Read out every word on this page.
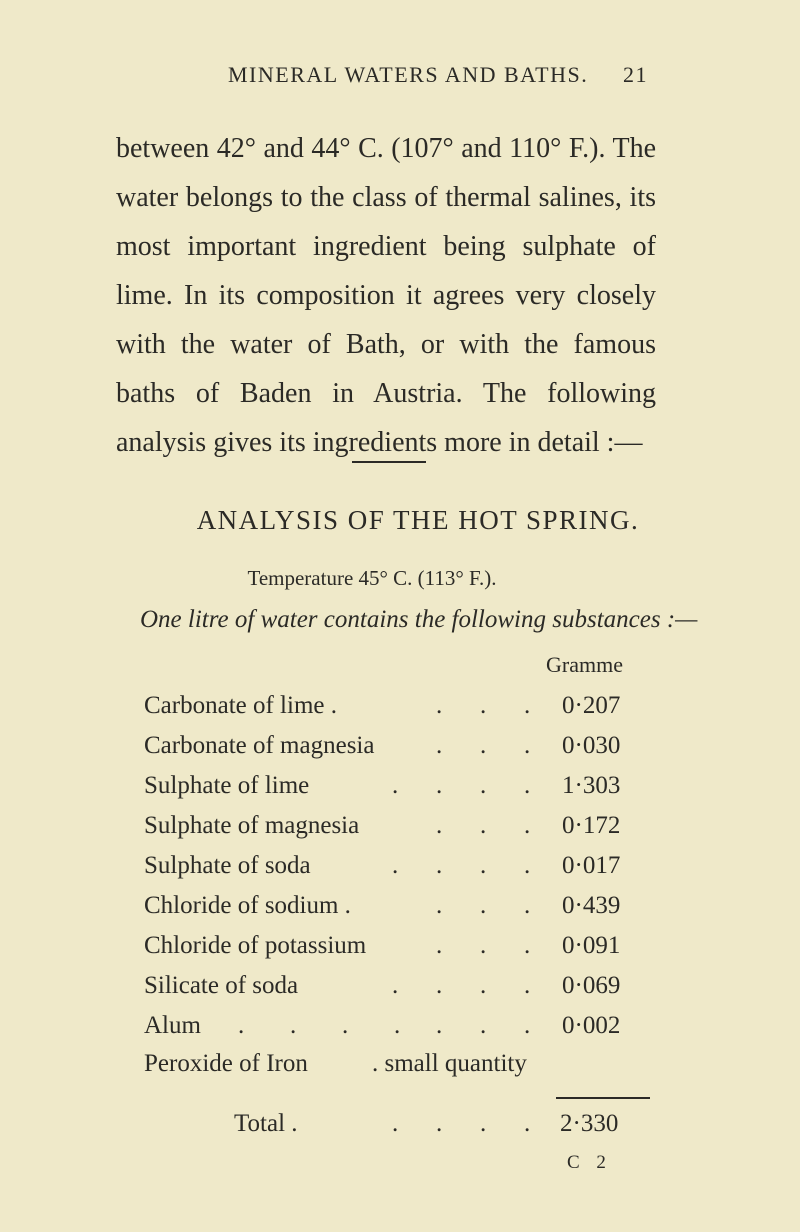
MINERAL WATERS AND BATHS. 21
between 42° and 44° C. (107° and 110° F.). The water belongs to the class of thermal salines, its most important ingredient being sulphate of lime. In its composition it agrees very closely with the water of Bath, or with the famous baths of Baden in Austria. The following analysis gives its ingredients more in detail :—
ANALYSIS OF THE HOT SPRING.
Temperature 45° C. (113° F.).
One litre of water contains the following substances :—
Gramme
Carbonate of lime .	. . . 0·207
Carbonate of magnesia . . . 0·030
Sulphate of lime	. . . . 1·303
Sulphate of magnesia	. . . 0·172
Sulphate of soda	. . . . 0·017
Chloride of sodium .	. . . 0·439
Chloride of potassium	. . . 0·091
Silicate of soda	. . . . 0·069
Alum . . . . . . . 0·002
Peroxide of Iron	. small quantity
Total .	. . . . 2·330
C 2
